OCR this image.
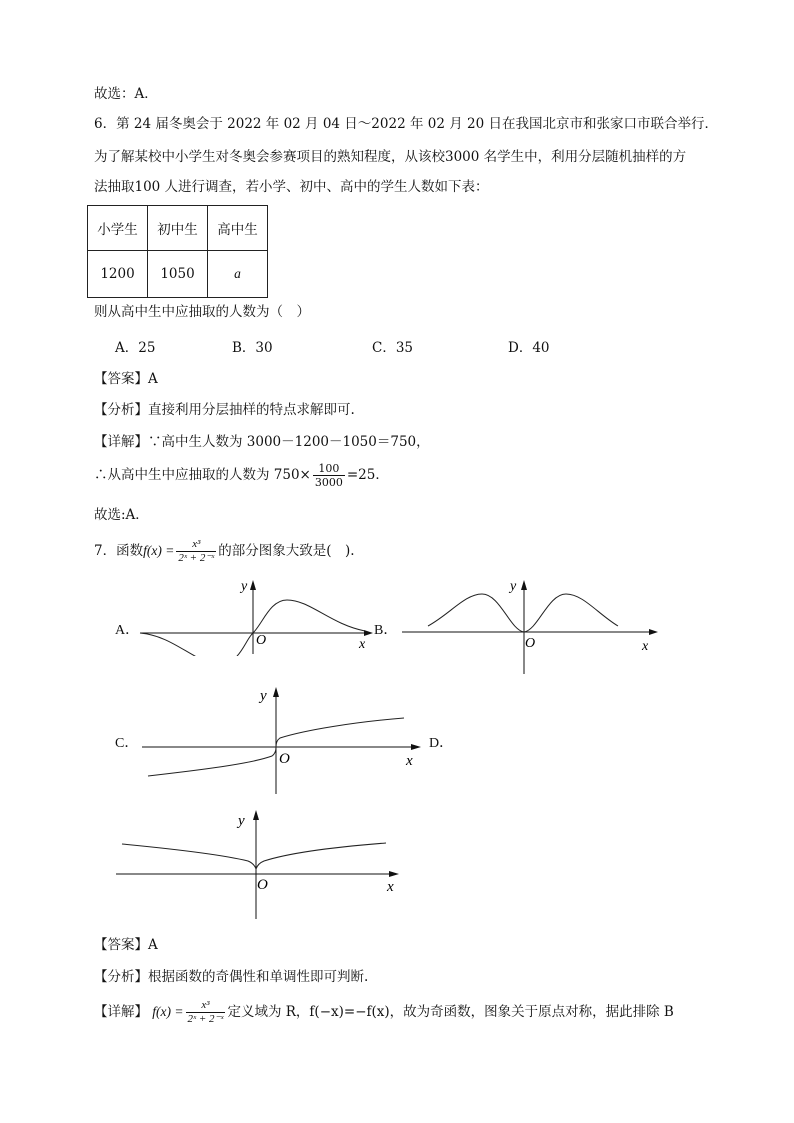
故选：A．
6．第 24 届冬奥会于 2022 年 02 月 04 日～2022 年 02 月 20 日在我国北京市和张家口市联合举行．
为了解某校中小学生对冬奥会参赛项目的熟知程度，从该校3000 名学生中，利用分层随机抽样的方
法抽取100 人进行调查，若小学、初中、高中的学生人数如下表：
小学生	初中生	高中生
1200	1050	a
则从高中生中应抽取的人数为（　）
A．25	B．30	C．35	D．40
【答案】A
【分析】直接利用分层抽样的特点求解即可.
【详解】∵高中生人数为 3000－1200－1050＝750，
∴从高中生中应抽取的人数为 $750\times \frac{100}{3000} =25$．
故选:A．
7．函数$f(x) = \frac{\text{x³}}{\text{2ˣ + 2⁻ˣ}}$ 的部分图象大致是(　).
A．
y
O	x
B．
y
O	x
C．
y
O	x
D．
y
O	x
【答案】A
【分析】根据函数的奇偶性和单调性即可判断.
【详解】 $f(x) = \frac{\text{x³}}{\text{2ˣ + 2⁻ˣ}}$ 定义域为 R，f(−x)=−f(x)，故为奇函数，图象关于原点对称，据此排除 B
